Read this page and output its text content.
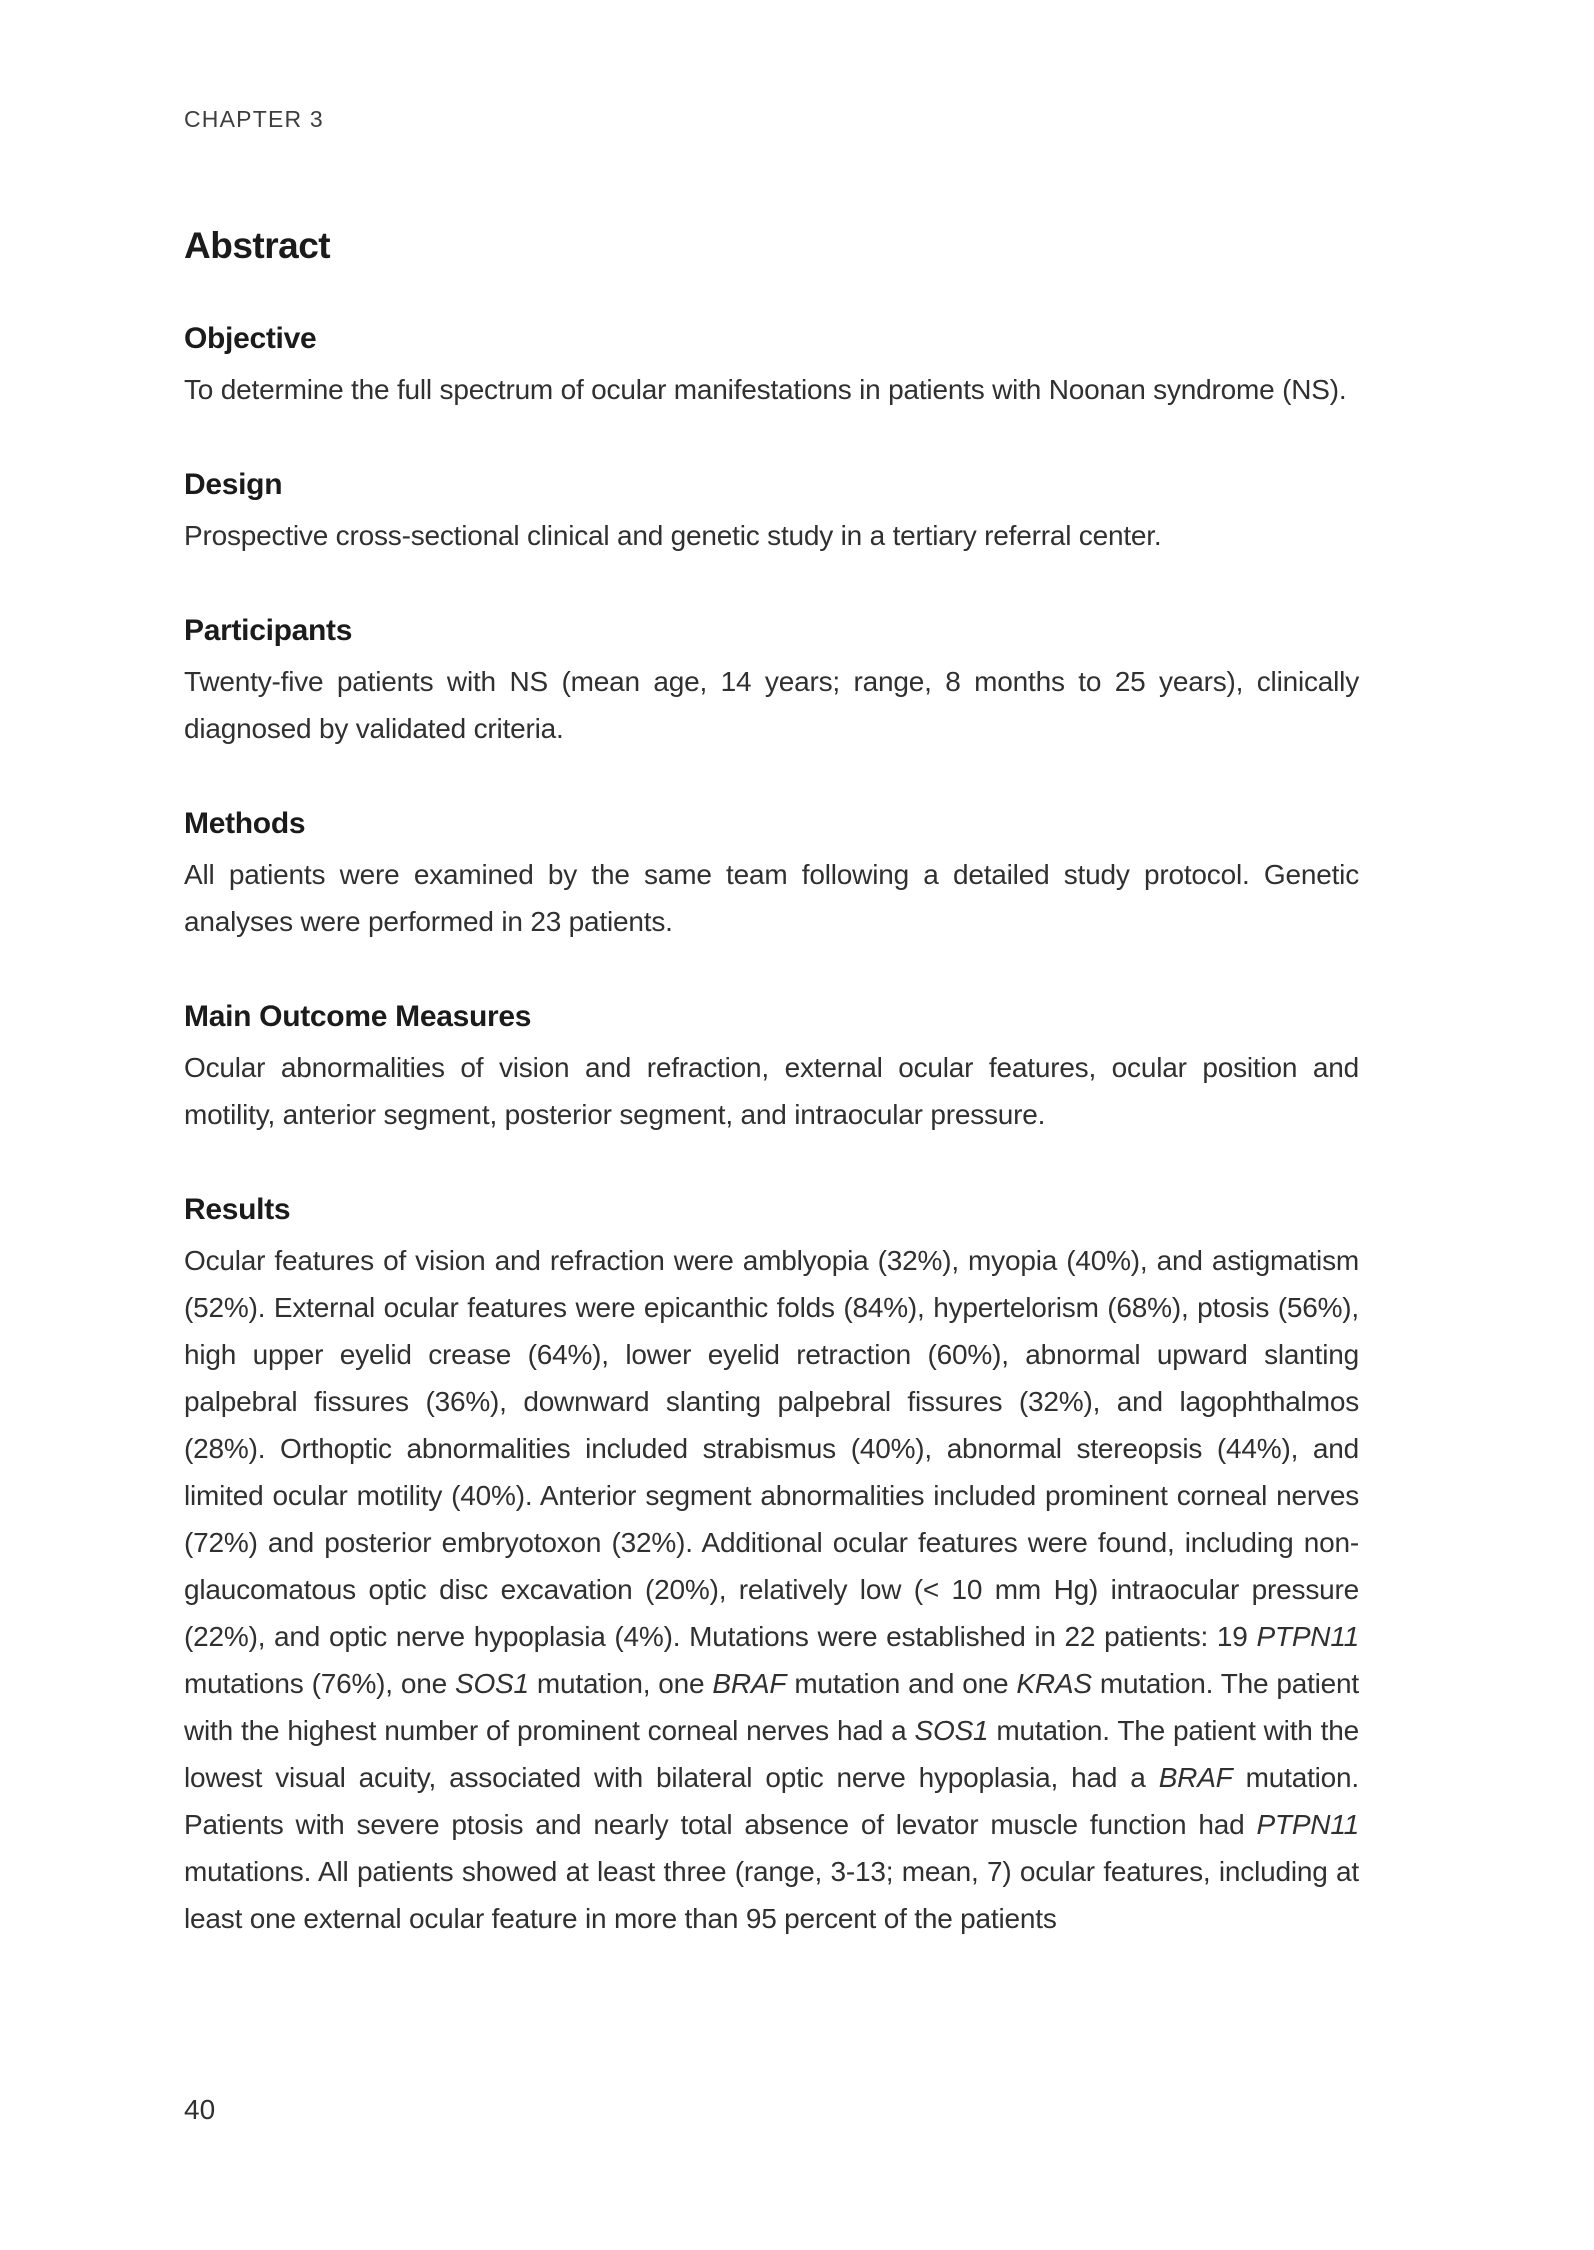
CHAPTER 3

Abstract
Objective

To determine the full spectrum of ocular manifestations in patients with Noonan syndrome (NS).

Design

Prospective cross-sectional clinical and genetic study in a tertiary referral center.

Participants

Twenty-five patients with NS (mean age, 14 years; range, 8 months to 25 years), clinically diagnosed by validated criteria.

Methods

All patients were examined by the same team following a detailed study protocol. Genetic analyses were performed in 23 patients.

Main Outcome Measures

Ocular abnormalities of vision and refraction, external ocular features, ocular position and motility, anterior segment, posterior segment, and intraocular pressure.

Results

Ocular features of vision and refraction were amblyopia (32%), myopia (40%), and astigmatism (52%). External ocular features were epicanthic folds (84%), hypertelorism (68%), ptosis (56%), high upper eyelid crease (64%), lower eyelid retraction (60%), abnormal upward slanting palpebral fissures (36%), downward slanting palpebral fissures (32%), and lagophthalmos (28%). Orthoptic abnormalities included strabismus (40%), abnormal stereopsis (44%), and limited ocular motility (40%). Anterior segment abnormalities included prominent corneal nerves (72%) and posterior embryotoxon (32%). Additional ocular features were found, including non-glaucomatous optic disc excavation (20%), relatively low (< 10 mm Hg) intraocular pressure (22%), and optic nerve hypoplasia (4%). Mutations were established in 22 patients: 19 PTPN11 mutations (76%), one SOS1 mutation, one BRAF mutation and one KRAS mutation. The patient with the highest number of prominent corneal nerves had a SOS1 mutation. The patient with the lowest visual acuity, associated with bilateral optic nerve hypoplasia, had a BRAF mutation. Patients with severe ptosis and nearly total absence of levator muscle function had PTPN11 mutations. All patients showed at least three (range, 3-13; mean, 7) ocular features, including at least one external ocular feature in more than 95 percent of the patients

40
